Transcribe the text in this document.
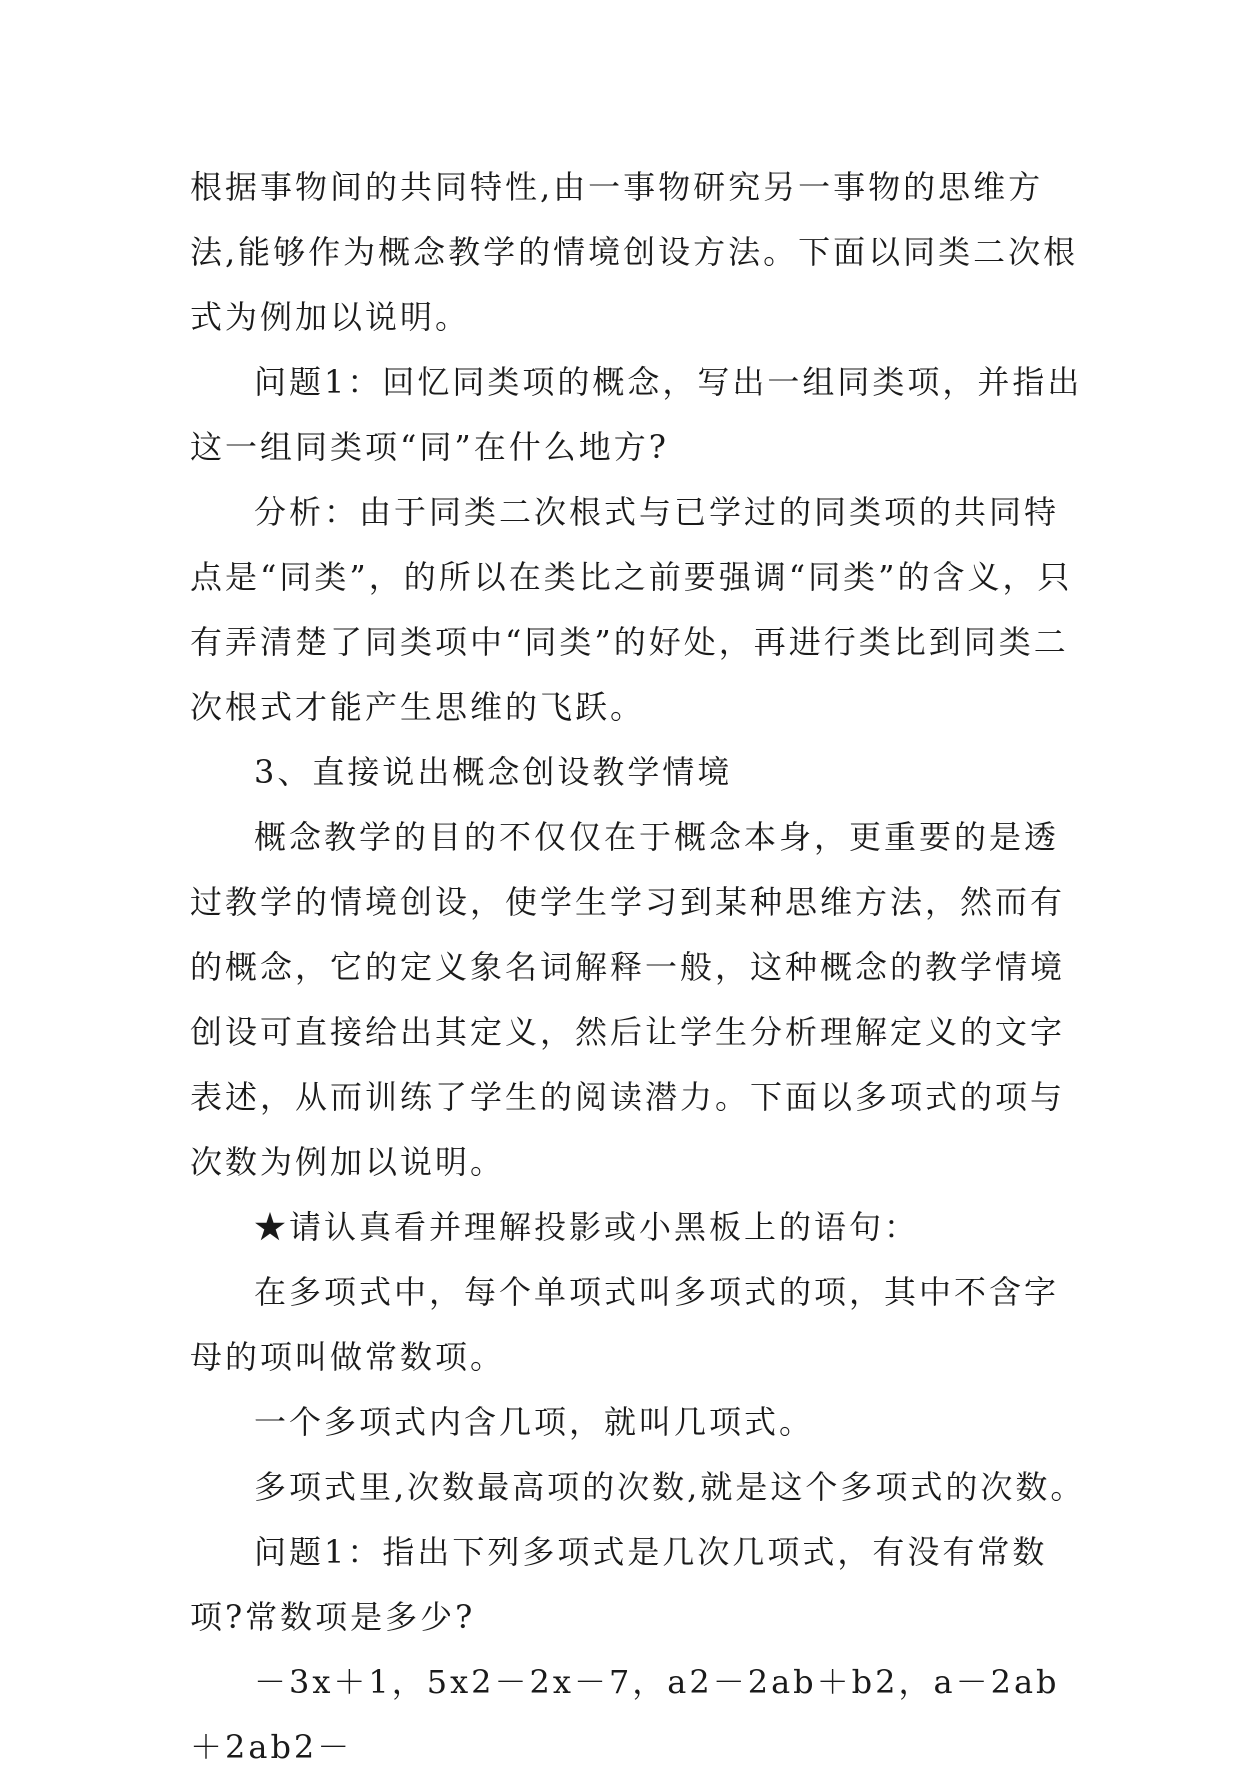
根据事物间的共同特性,由一事物研究另一事物的思维方法,能够作为概念教学的情境创设方法。下面以同类二次根式为例加以说明。

问题1：回忆同类项的概念，写出一组同类项，并指出这一组同类项“同”在什么地方?

分析：由于同类二次根式与已学过的同类项的共同特点是“同类”，的所以在类比之前要强调“同类”的含义，只有弄清楚了同类项中“同类”的好处，再进行类比到同类二次根式才能产生思维的飞跃。

3、直接说出概念创设教学情境

概念教学的目的不仅仅在于概念本身，更重要的是透过教学的情境创设，使学生学习到某种思维方法，然而有的概念，它的定义象名词解释一般，这种概念的教学情境创设可直接给出其定义，然后让学生分析理解定义的文字表述，从而训练了学生的阅读潜力。下面以多项式的项与次数为例加以说明。

★请认真看并理解投影或小黑板上的语句：

在多项式中，每个单项式叫多项式的项，其中不含字母的项叫做常数项。

一个多项式内含几项，就叫几项式。

多项式里,次数最高项的次数,就是这个多项式的次数。

问题1：指出下列多项式是几次几项式，有没有常数项?常数项是多少?

－3x＋1，5x2－2x－7，a2－2ab＋b2，a－2ab＋2ab2－
